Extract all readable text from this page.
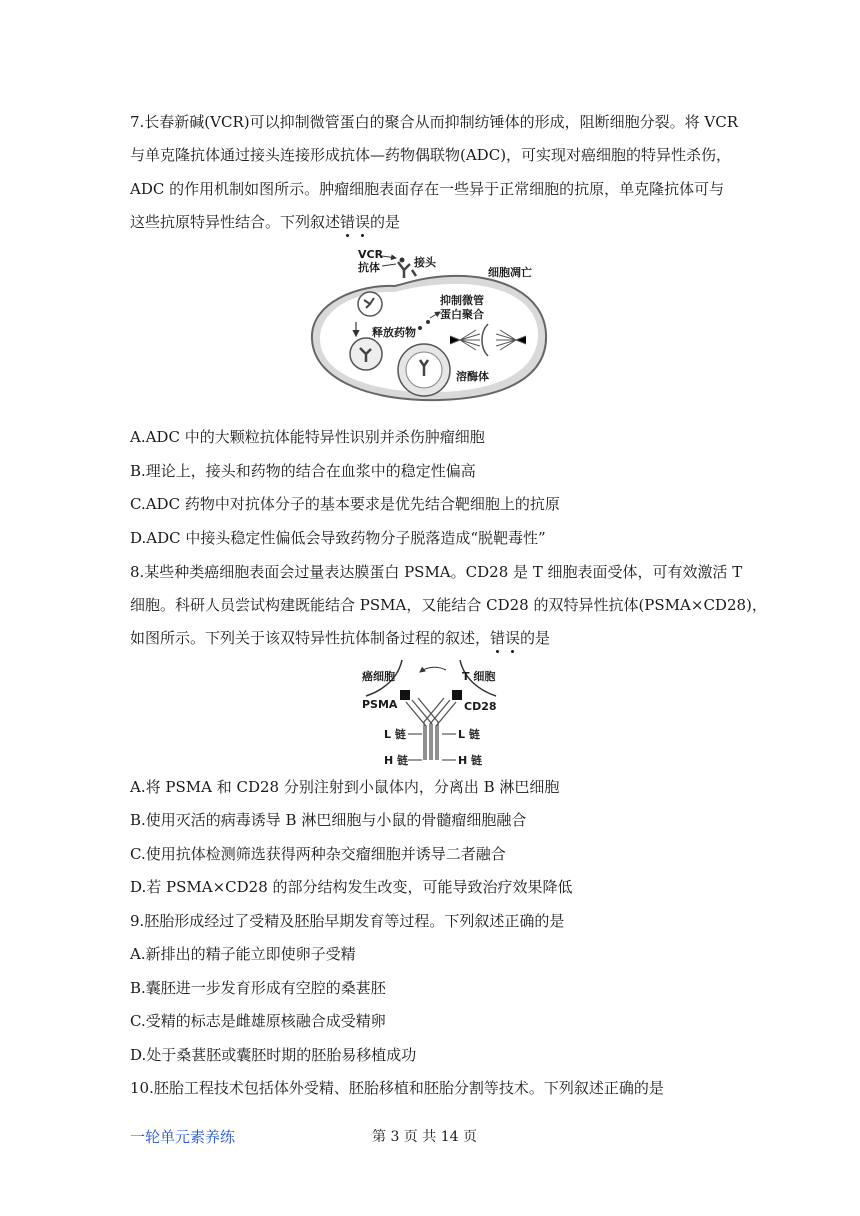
7.长春新碱(VCR)可以抑制微管蛋白的聚合从而抑制纺锤体的形成，阻断细胞分裂。将 VCR
与单克隆抗体通过接头连接形成抗体—药物偶联物(ADC)，可实现对癌细胞的特异性杀伤，
ADC 的作用机制如图所示。肿瘤细胞表面存在一些异于正常细胞的抗原，单克隆抗体可与
这些抗原特异性结合。下列叙述错误的是
VCR
抗体	接头
细胞凋亡
释放药物
抑制微管
蛋白聚合
溶酶体
A.ADC 中的大颗粒抗体能特异性识别并杀伤肿瘤细胞
B.理论上，接头和药物的结合在血浆中的稳定性偏高
C.ADC 药物中对抗体分子的基本要求是优先结合靶细胞上的抗原
D.ADC 中接头稳定性偏低会导致药物分子脱落造成“脱靶毒性”
8.某些种类癌细胞表面会过量表达膜蛋白 PSMA。CD28 是 T 细胞表面受体，可有效激活 T
细胞。科研人员尝试构建既能结合 PSMA，又能结合 CD28 的双特异性抗体(PSMA×CD28)，
如图所示。下列关于该双特异性抗体制备过程的叙述，错误的是
癌细胞	T 细胞
PSMA	CD28
L 链
H 链
L 链
H 链
A.将 PSMA 和 CD28 分别注射到小鼠体内，分离出 B 淋巴细胞
B.使用灭活的病毒诱导 B 淋巴细胞与小鼠的骨髓瘤细胞融合
C.使用抗体检测筛选获得两种杂交瘤细胞并诱导二者融合
D.若 PSMA×CD28 的部分结构发生改变，可能导致治疗效果降低
9.胚胎形成经过了受精及胚胎早期发育等过程。下列叙述正确的是
A.新排出的精子能立即使卵子受精
B.囊胚进一步发育形成有空腔的桑葚胚
C.受精的标志是雌雄原核融合成受精卵
D.处于桑葚胚或囊胚时期的胚胎易移植成功
10.胚胎工程技术包括体外受精、胚胎移植和胚胎分割等技术。下列叙述正确的是
一轮单元素养练	第 3 页 共 14 页
